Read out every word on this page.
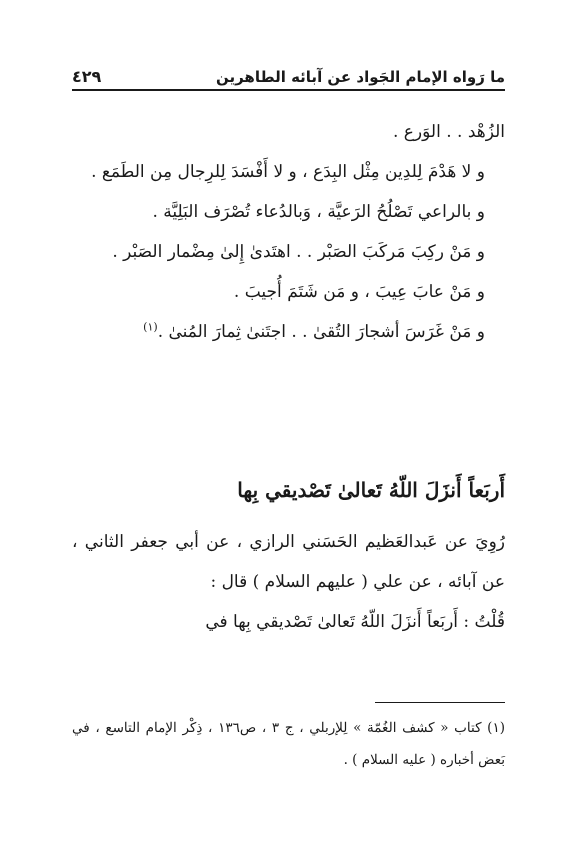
ما رَواه الإمام الجَواد عن آبائه الطاهرين
٤٢٩

الزُهْد . . الوَرع .

و لا هَدْمَ لِلدِين مِثْل البِدَع ، و لا أَفْسَدَ لِلرِجال مِن الطَمَع .

و بالراعي تَصْلُحُ الرَعيَّة ، وَبالدُعاء تُصْرَف البَلِيَّة .

و مَنْ ركِبَ مَركَبَ الصَبْر . . اهتَدىٰ إِلىٰ مِضْمار الصَبْر .

و مَنْ عابَ عِيبَ ، و مَن شَتَمَ أُجيبَ .

و مَنْ غَرَسَ أشجارَ التُقىٰ . . اجتَنىٰ ثِمارَ المُنىٰ .$^{(١)}$

أَربَعاً أَنزَلَ اللّهُ تَعالىٰ تَصْديقي بِها

رُوِيَ عن عَبدالعَظيم الحَسَني الرازي ، عن أبي جعفر الثاني ، عن آبائه ، عن علي ( عليهم السلام ) قال :

قُلْتُ : أَربَعاً أَنزَلَ اللّهُ تَعالىٰ تَصْديقي بِها في

(١) كتاب « كشف الغُمّة » لِلإربلي ، ج ٣ ، ص١٣٦ ، ذِكْر الإمام التاسع ، في بَعض أخباره ( عليه السلام ) .
